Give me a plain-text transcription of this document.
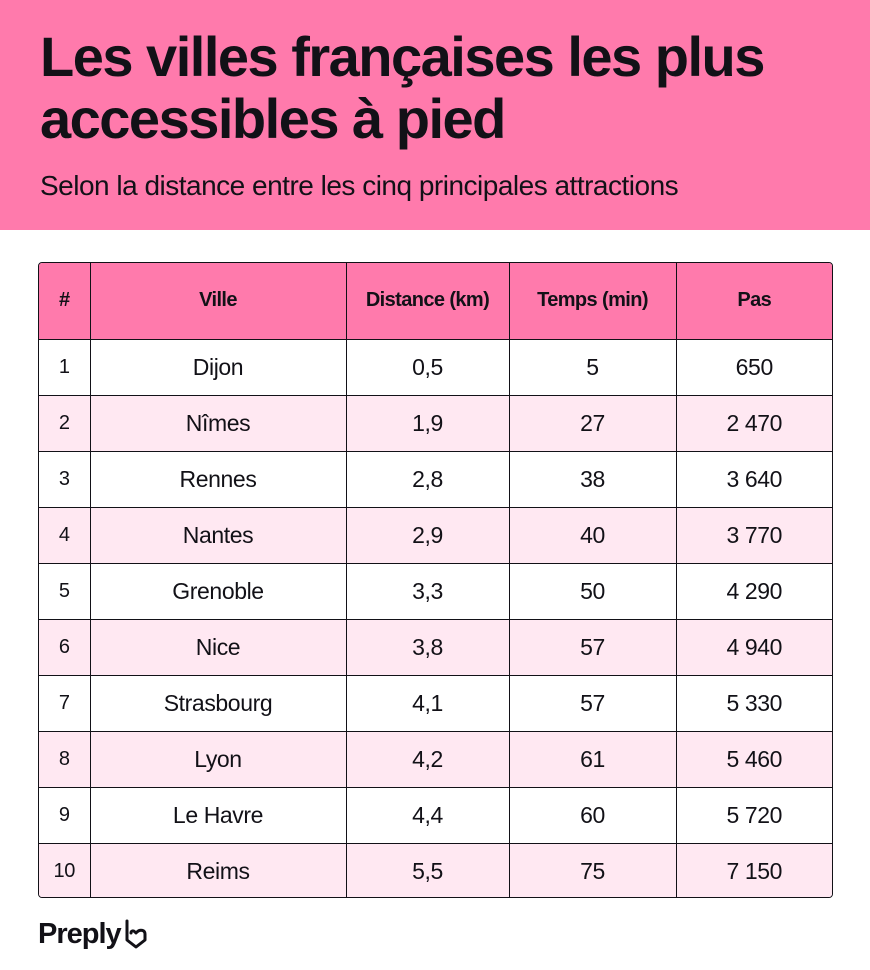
Les villes françaises les plus accessibles à pied

Selon la distance entre les cinq principales attractions

#	Ville	Distance (km)	Temps (min)	Pas
1	Dijon	0,5	5	650
2	Nîmes	1,9	27	2 470
3	Rennes	2,8	38	3 640
4	Nantes	2,9	40	3 770
5	Grenoble	3,3	50	4 290
6	Nice	3,8	57	4 940
7	Strasbourg	4,1	57	5 330
8	Lyon	4,2	61	5 460
9	Le Havre	4,4	60	5 720
10	Reims	5,5	75	7 150
Preply
